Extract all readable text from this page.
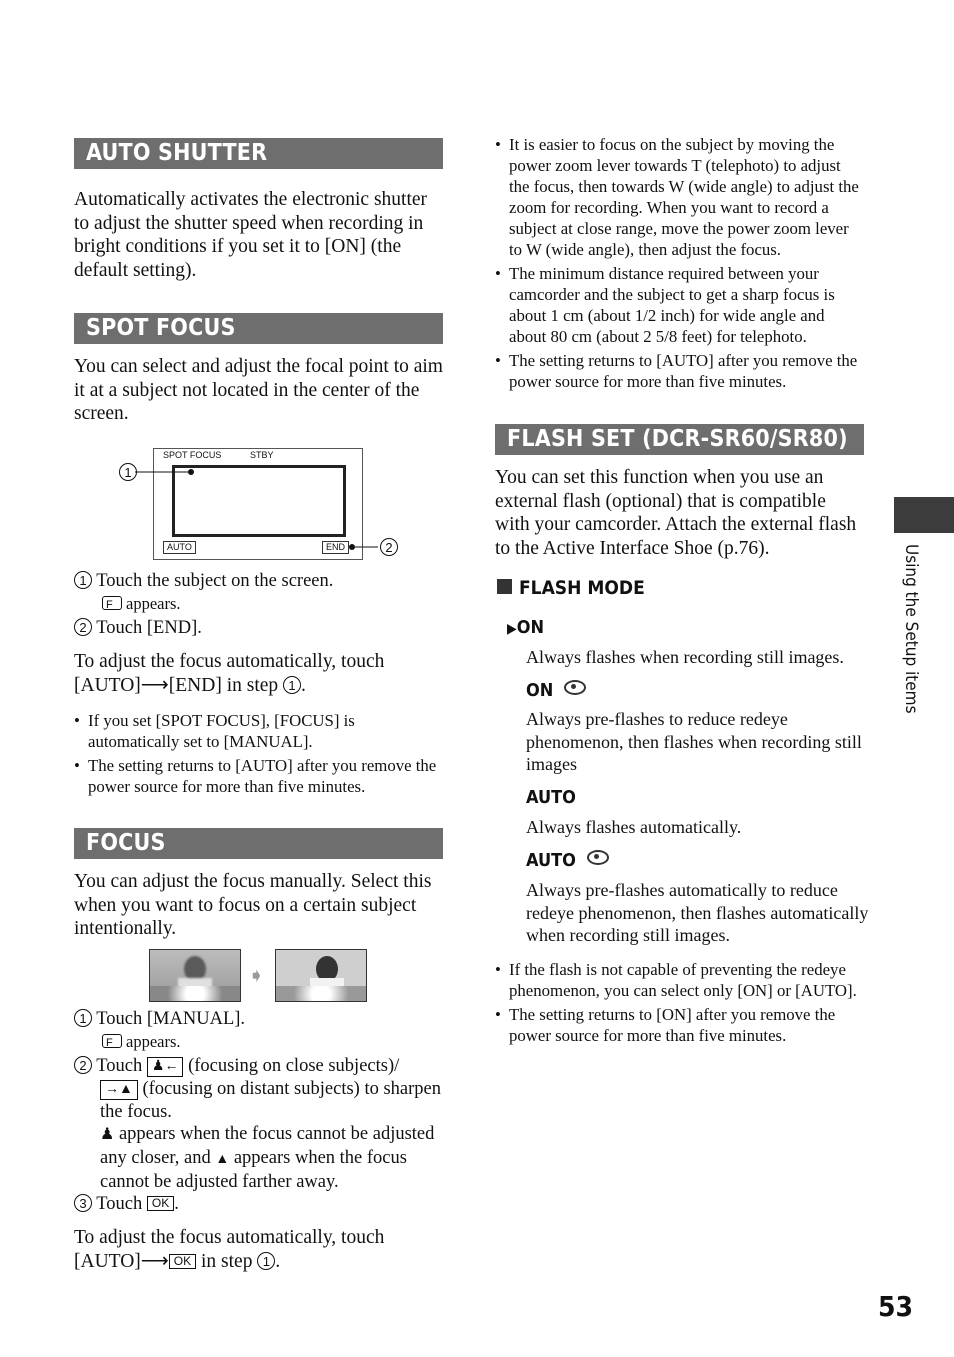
AUTO SHUTTER
Automatically activates the electronic shutter to adjust the shutter speed when recording in bright conditions if you set it to [ON] (the default setting).
SPOT FOCUS
You can select and adjust the focal point to aim it at a subject not located in the center of the screen.
SPOT FOCUS	STBY
AUTO	END
1
2
1 Touch the subject on the screen.
Fappears.
2 Touch [END].
To adjust the focus automatically, touch [AUTO]⟶[END] in step 1 .
• If you set [SPOT FOCUS], [FOCUS] is automatically set to [MANUAL].
• The setting returns to [AUTO] after you remove the power source for more than five minutes.
FOCUS
You can adjust the focus manually. Select this when you want to focus on a certain subject intentionally.
➧
1 Touch [MANUAL].
Fappears.
2 Touch ♟← (focusing on close subjects)/
→▲ (focusing on distant subjects) to sharpen the focus.
♟ appears when the focus cannot be adjusted any closer, and ▲ appears when the focus cannot be adjusted farther away.
3 Touch OK .
To adjust the focus automatically, touch
[AUTO]⟶ OK in step 1 .
• It is easier to focus on the subject by moving the power zoom lever towards T (telephoto) to adjust the focus, then towards W (wide angle) to adjust the zoom for recording. When you want to record a subject at close range, move the power zoom lever to W (wide angle), then adjust the focus.
• The minimum distance required between your camcorder and the subject to get a sharp focus is about 1 cm (about 1/2 inch) for wide angle and about 80 cm (about 2 5/8 feet) for telephoto.
• The setting returns to [AUTO] after you remove the power source for more than five minutes.
FLASH SET (DCR-SR60/SR80)
You can set this function when you use an external flash (optional) that is compatible with your camcorder. Attach the external flash to the Active Interface Shoe (p.76).
FLASH MODE
▶ON
Always flashes when recording still images.
ON
Always pre-flashes to reduce redeye phenomenon, then flashes when recording still images
AUTO
Always flashes automatically.
AUTO
Always pre-flashes automatically to reduce redeye phenomenon, then flashes automatically when recording still images.
• If the flash is not capable of preventing the redeye phenomenon, you can select only [ON] or [AUTO].
• The setting returns to [ON] after you remove the power source for more than five minutes.
Using the Setup items
53
